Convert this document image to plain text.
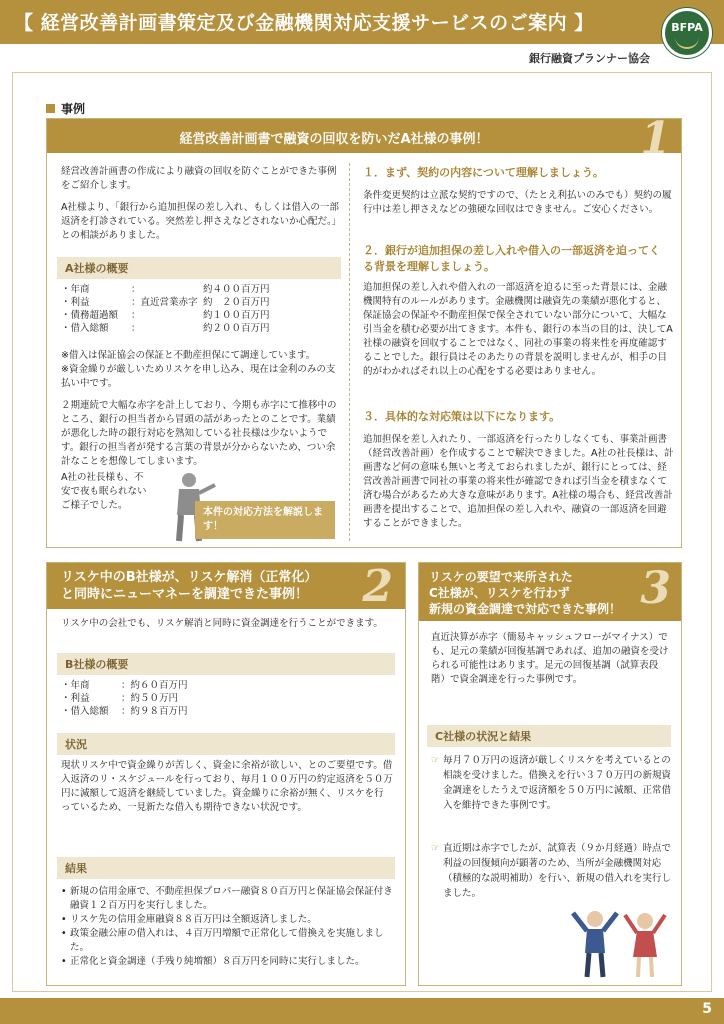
【 経営改善計画書策定及び金融機関対応支援サービスのご案内 】	BFPA
銀行融資プランナー協会
事例
経営改善計画書で融資の回収を防いだA社様の事例！	1
経営改善計画書の作成により融資の回収を防ぐことができた事例をご紹介します。
A社様より、「銀行から追加担保の差し入れ、もしくは借入の一部返済を打診されている。突然差し押さえなどされないか心配だ。」との相談がありました。
A社様の概要
・年商	：	約４００百万円
・利益	：直近営業赤字 約　２０百万円
・債務超過額	：	約１００百万円
・借入総額	：	約２００百万円
※借入は保証協会の保証と不動産担保にて調達しています。
※資金繰りが厳しいためリスケを申し込み、現在は金利のみの支払い中です。
２期連続で大幅な赤字を計上しており、今期も赤字にて推移中のところ、銀行の担当者から冒頭の話があったとのことです。業績が悪化した時の銀行対応を熟知している社長様は少ないようです。銀行の担当者が発する言葉の背景が分からないため、つい余計なことを想像してしまいます。
A社の社長様も、不安で夜も眠られないご様子でした。
本件の対応方法を解説します！
１．まず、契約の内容について理解しましょう。
条件変更契約は立派な契約ですので、（たとえ利払いのみでも）契約の履行中は差し押さえなどの強硬な回収はできません。ご安心ください。
２．銀行が追加担保の差し入れや借入の一部返済を迫ってくる背景を理解しましょう。
追加担保の差し入れや借入れの一部返済を迫るに至った背景には、金融機関特有のルールがあります。金融機関は融資先の業績が悪化すると、保証協会の保証や不動産担保で保全されていない部分について、大幅な引当金を積む必要が出てきます。本件も、銀行の本当の目的は、決してA社様の融資を回収することではなく、同社の事業の将来性を再度確認することでした。銀行員はそのあたりの背景を説明しませんが、相手の目的がわかればそれ以上の心配をする必要はありません。
３．具体的な対応策は以下になります。
追加担保を差し入れたり、一部返済を行ったりしなくても、事業計画書（経営改善計画）を作成することで解決できました。A社の社長様は、計画書など何の意味も無いと考えておられましたが、銀行にとっては、経営改善計画書で同社の事業の将来性が確認できれば引当金を積まなくて済む場合があるため大きな意味があります。A社様の場合も、経営改善計画書を提出することで、追加担保の差し入れや、融資の一部返済を回避することができました。
リスケ中のB社様が、リスケ解消（正常化）
と同時にニューマネーを調達できた事例！ 2
リスケ中の会社でも、リスケ解消と同時に資金調達を行うことができます。
B社様の概要
・年商	：約６０百万円
・利益	：約５０万円
・借入総額	：約９８百万円
状況
現状リスケ中で資金繰りが苦しく、資金に余裕が欲しい、とのご要望です。借入返済のリ・スケジュールを行っており、毎月１００万円の約定返済を５０万円に減額して返済を継続していました。資金繰りに余裕が無く、リスケを行っているため、一見新たな借入も期待できない状況です。
結果
• 新規の信用金庫で、不動産担保プロパー融資８０百万円と保証協会保証付き融資１２百万円を実行しました。
• リスケ先の信用金庫融資８８百万円は全額返済しました。
• 政策金融公庫の借入れは、４百万円増額で正常化して借換えを実施しました。
• 正常化と資金調達（手残り純増額）８百万円を同時に実行しました。
リスケの要望で来所された
C社様が、リスケを行わず
新規の資金調達で対応できた事例！ 3
直近決算が赤字（簡易キャッシュフローがマイナス）でも、足元の業績が回復基調であれば、追加の融資を受けられる可能性はあります。足元の回復基調（試算表段階）で資金調達を行った事例です。
C社様の状況と結果
☞ 毎月７０万円の返済が厳しくリスケを考えているとの相談を受けました。借換えを行い３７０万円の新規資金調達をしたうえで返済額を５０万円に減額、正常借入を維持できた事例です。
☞ 直近期は赤字でしたが、試算表（９か月経過）時点で利益の回復傾向が顕著のため、当所が金融機関対応（積極的な説明補助）を行い、新規の借入れを実行しました。
5
